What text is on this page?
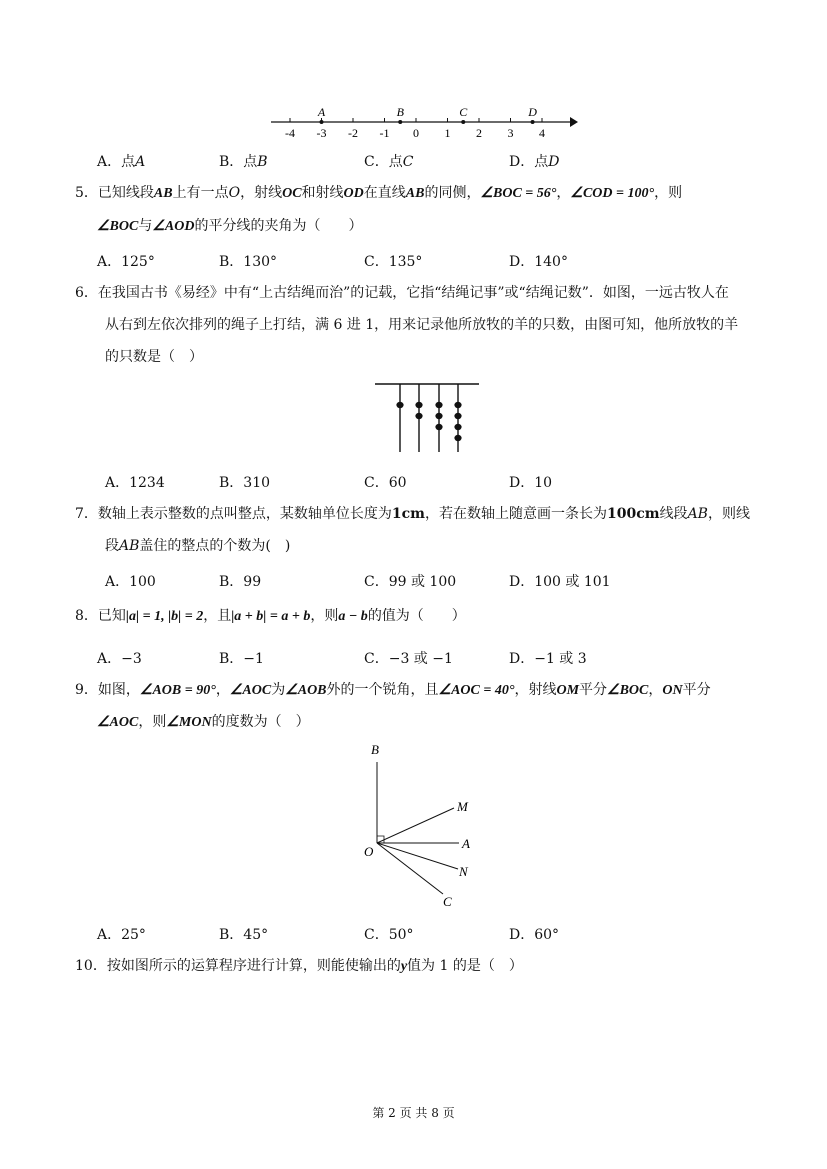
-4 -3 -2 -1 0 1 2 3 4
A	B	C	D
A．点A	B．点B	C．点C	D．点D
5．已知线段AB上有一点O，射线OC和射线OD在直线AB的同侧，∠BOC = 56°，∠COD = 100°，则
∠BOC与∠AOD的平分线的夹角为（　　）
A．125°	B．130°	C．135°	D．140°
6．在我国古书《易经》中有“上古结绳而治”的记载，它指“结绳记事”或“结绳记数”．如图，一远古牧人在
从右到左依次排列的绳子上打结，满 6 进 1，用来记录他所放牧的羊的只数，由图可知，他所放牧的羊
的只数是（　）
A．1234	B．310	C．60	D．10
7．数轴上表示整数的点叫整点，某数轴单位长度为1cm，若在数轴上随意画一条长为100cm线段AB，则线
段AB盖住的整点的个数为(　)
A．100	B．99	C．99 或 100	D．100 或 101
8．已知|a| = 1, |b| = 2，且|a + b| = a + b，则a − b的值为（　　）
A．−3	B．−1	C．−3 或 −1	D．−1 或 3
9．如图，∠AOB = 90°，∠AOC为∠AOB外的一个锐角，且∠AOC = 40°，射线OM平分∠BOC，ON平分
∠AOC，则∠MON的度数为（　）
B
M
A
O
N
C
A．25°	B．45°	C．50°	D．60°
10．按如图所示的运算程序进行计算，则能使输出的y值为 1 的是（　）
第 2 页 共 8 页
